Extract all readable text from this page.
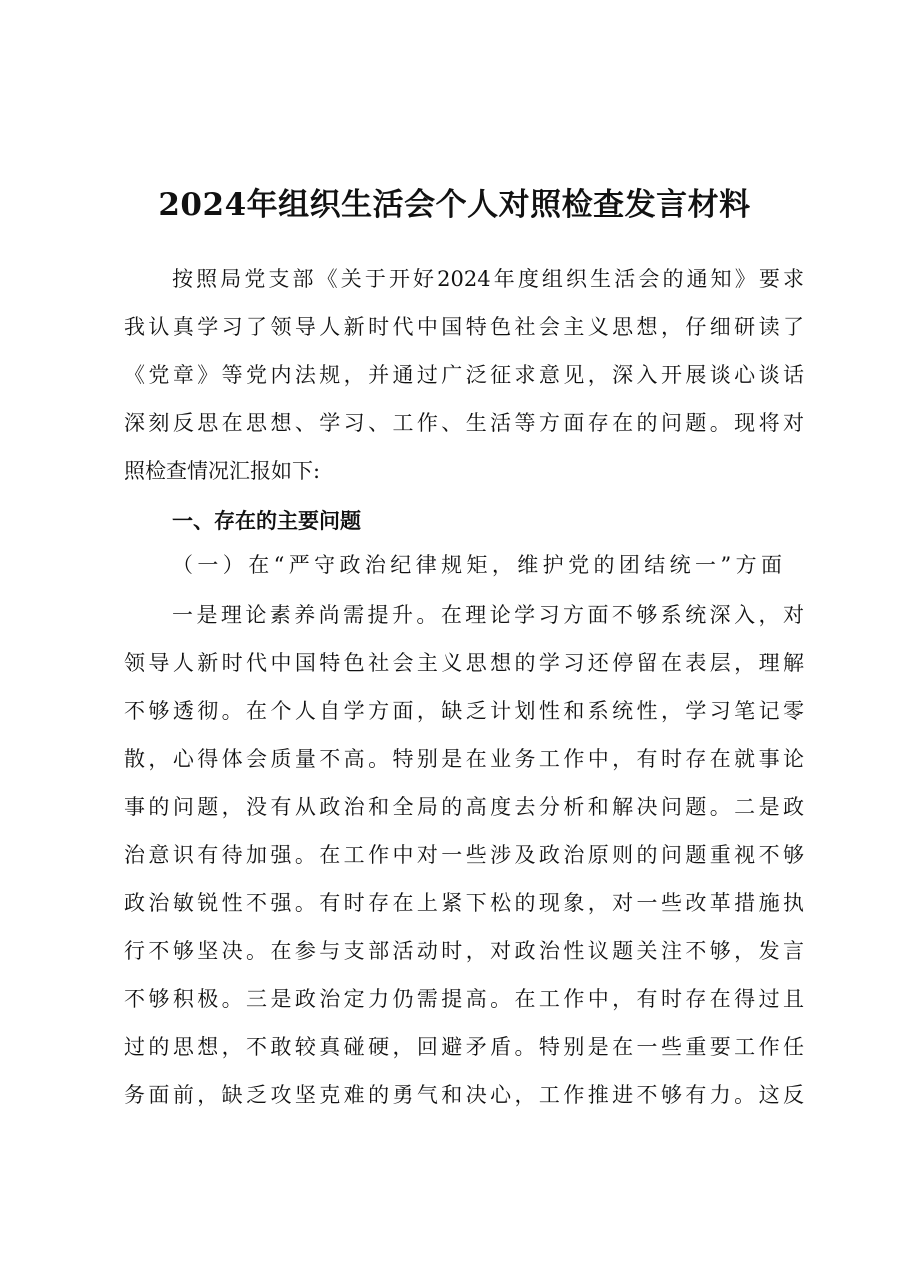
2024年组织生活会个人对照检查发言材料
按照局党支部《关于开好2024年度组织生活会的通知》要求
我认真学习了领导人新时代中国特色社会主义思想，仔细研读了
《党章》等党内法规，并通过广泛征求意见，深入开展谈心谈话
深刻反思在思想、学习、工作、生活等方面存在的问题。现将对
照检查情况汇报如下:
一、存在的主要问题
（一）在“严守政治纪律规矩，维护党的团结统一”方面
一是理论素养尚需提升。在理论学习方面不够系统深入，对
领导人新时代中国特色社会主义思想的学习还停留在表层，理解
不够透彻。在个人自学方面，缺乏计划性和系统性，学习笔记零
散，心得体会质量不高。特别是在业务工作中，有时存在就事论
事的问题，没有从政治和全局的高度去分析和解决问题。二是政
治意识有待加强。在工作中对一些涉及政治原则的问题重视不够
政治敏锐性不强。有时存在上紧下松的现象，对一些改革措施执
行不够坚决。在参与支部活动时，对政治性议题关注不够，发言
不够积极。三是政治定力仍需提高。在工作中，有时存在得过且
过的思想，不敢较真碰硬，回避矛盾。特别是在一些重要工作任
务面前，缺乏攻坚克难的勇气和决心，工作推进不够有力。这反
